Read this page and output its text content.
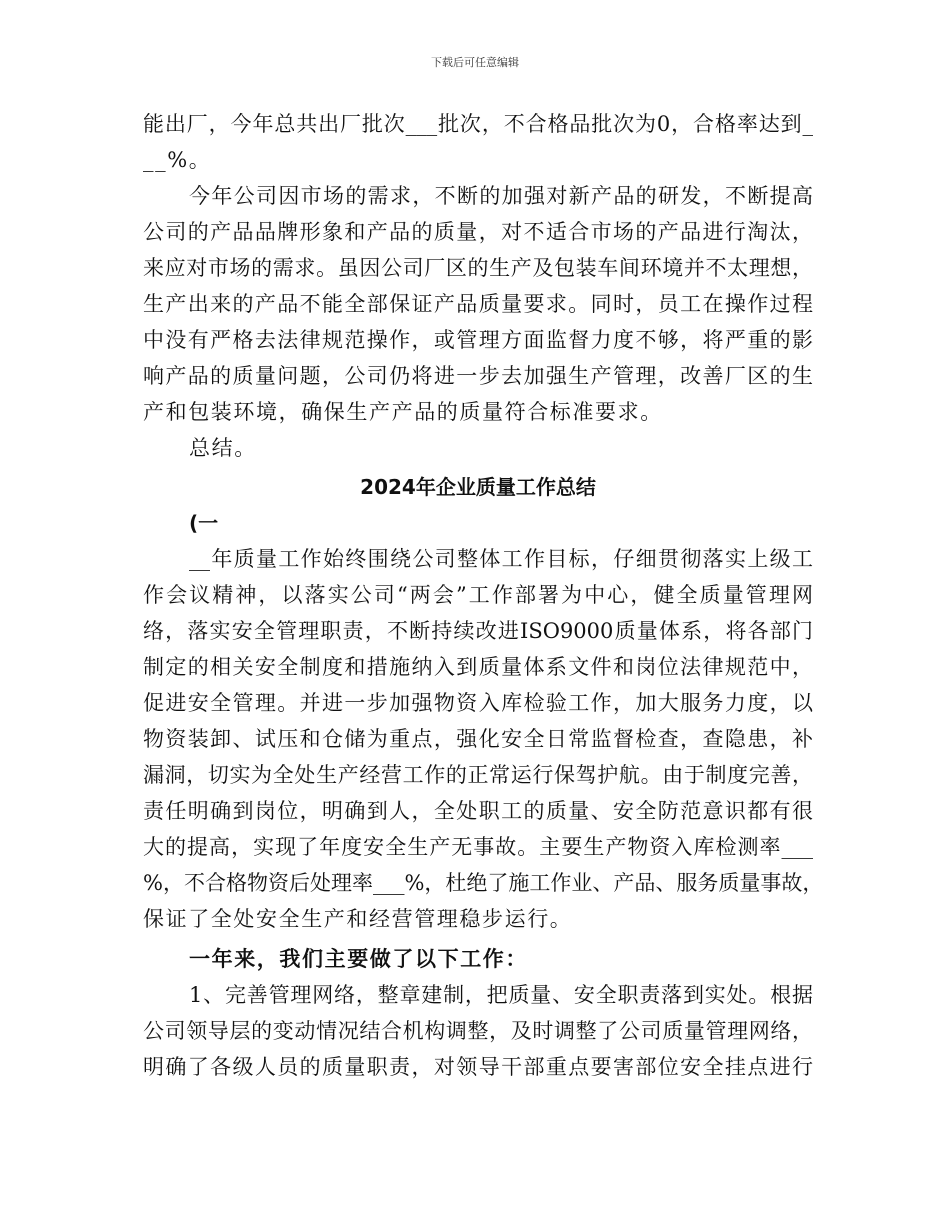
下载后可任意编辑
能出厂，今年总共出厂批次___批次，不合格品批次为0，合格率达到_
__%。
今年公司因市场的需求，不断的加强对新产品的研发，不断提高
公司的产品品牌形象和产品的质量，对不适合市场的产品进行淘汰，
来应对市场的需求。虽因公司厂区的生产及包装车间环境并不太理想，
生产出来的产品不能全部保证产品质量要求。同时，员工在操作过程
中没有严格去法律规范操作，或管理方面监督力度不够，将严重的影
响产品的质量问题，公司仍将进一步去加强生产管理，改善厂区的生
产和包装环境，确保生产产品的质量符合标准要求。
总结。
2024年企业质量工作总结
(一
__年质量工作始终围绕公司整体工作目标，仔细贯彻落实上级工
作会议精神，以落实公司“两会”工作部署为中心，健全质量管理网
络，落实安全管理职责，不断持续改进ISO9000质量体系，将各部门
制定的相关安全制度和措施纳入到质量体系文件和岗位法律规范中，
促进安全管理。并进一步加强物资入库检验工作，加大服务力度，以
物资装卸、试压和仓储为重点，强化安全日常监督检查，查隐患，补
漏洞，切实为全处生产经营工作的正常运行保驾护航。由于制度完善，
责任明确到岗位，明确到人，全处职工的质量、安全防范意识都有很
大的提高，实现了年度安全生产无事故。主要生产物资入库检测率___
%，不合格物资后处理率___%，杜绝了施工作业、产品、服务质量事故，
保证了全处安全生产和经营管理稳步运行。
一年来，我们主要做了以下工作：
1、完善管理网络，整章建制，把质量、安全职责落到实处。根据
公司领导层的变动情况结合机构调整，及时调整了公司质量管理网络，
明确了各级人员的质量职责，对领导干部重点要害部位安全挂点进行
